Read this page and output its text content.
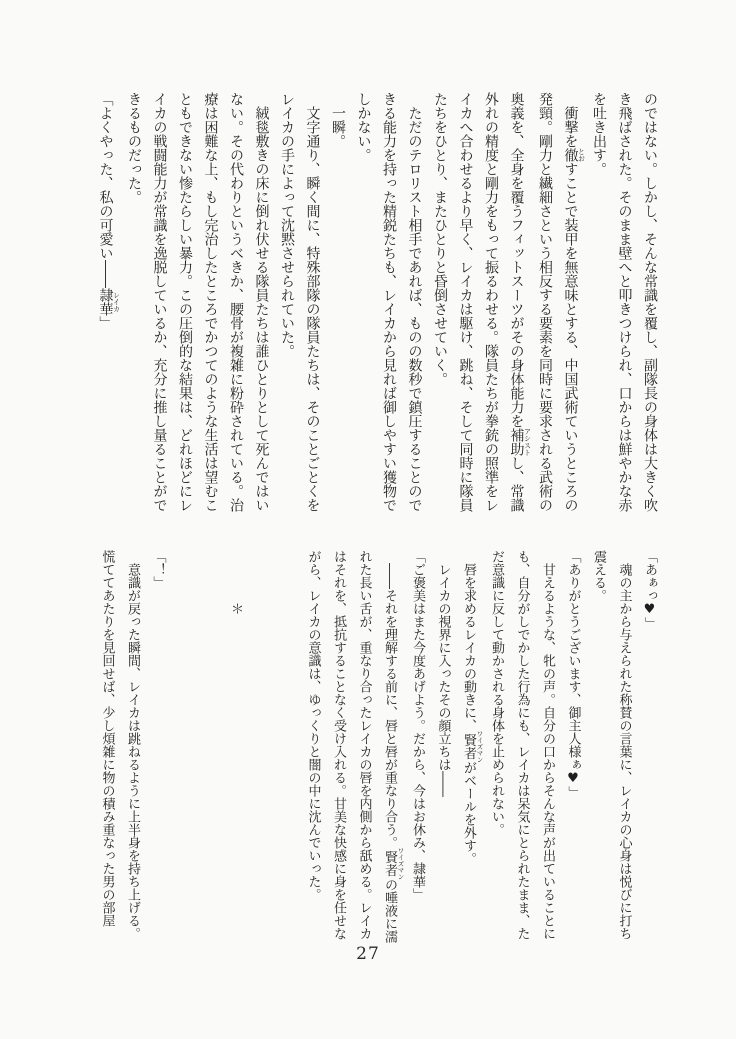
のではない。しかし、そんな常識を覆し、副隊長の身体は大きく吹

き飛ばされた。そのまま壁へと叩きつけられ、口からは鮮やかな赤

を吐き出す。

衝撃を徹 とおすことで装甲を無意味とする、中国武術ていうところの

発頸。剛力と繊細さという相反する要素を同時に要求される武術の

奥義を、全身を覆うフィットスーツがその身体能力を補助 アシストし、常識

外れの精度と剛力をもって振るわせる。隊員たちが拳銃の照準をレ

イカへ合わせるより早く、レイカは駆け、跳ね、そして同時に隊員

たちをひとり、またひとりと昏倒させていく。

ただのテロリスト相手であれば、ものの数秒で鎮圧することので

きる能力を持った精鋭たちも、レイカから見れば御しやすい獲物で

しかない。

一瞬。

文字通り、瞬く間に、特殊部隊の隊員たちは、そのことごとくを

レイカの手によって沈黙させられていた。

絨毯敷きの床に倒れ伏せる隊員たちは誰ひとりとして死んではい

ない。その代わりというべきか、腰骨が複雑に粉砕されている。治

療は困難な上、もし完治したところでかつてのような生活は望むこ

ともできない惨たらしい暴力。この圧倒的な結果は、どれほどにレ

イカの戦闘能力が常識を逸脱しているか、充分に推し量ることがで

きるものだった。

「よくやった、私の可愛い――隷華 レイカ」

「あぁっ♥」

魂の主から与えられた称賛の言葉に、レイカの心身は悦びに打ち

震える。

「ありがとうございます、御主人様ぁ♥」

甘えるような、牝の声。自分の口からそんな声が出ていることに

も、自分がしでかした行為にも、レイカは呆気にとられたまま、た

だ意識に反して動かされる身体を止められない。

唇を求めるレイカの動きに、賢者 ワイズマンがベールを外す。

レイカの視界に入ったその顔立ちは――

「ご褒美はまた今度あげよう。だから、今はお休み、隷華」

――それを理解する前に、唇と唇が重なり合う。賢者 ワイズマンの唾液に濡

れた長い舌が、重なり合ったレイカの唇を内側から舐める。レイカ

はそれを、抵抗することなく受け入れる。甘美な快感に身を任せな

がら、レイカの意識は、ゆっくりと闇の中に沈んでいった。

＊

「！」

意識が戻った瞬間、レイカは跳ねるように上半身を持ち上げる。

慌ててあたりを見回せば、少し煩雑に物の積み重なった男の部屋

27
